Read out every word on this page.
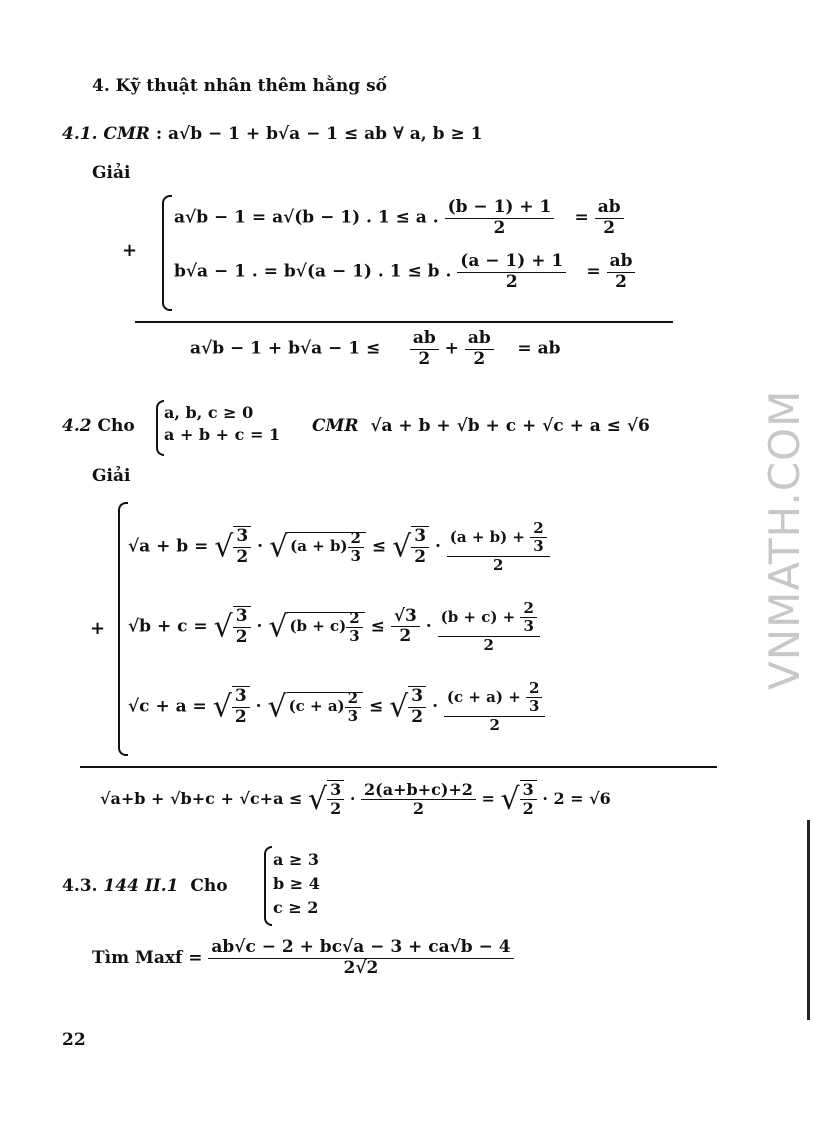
4. Kỹ thuật nhân thêm hằng số
4.1. CMR : a√b − 1 + b√a − 1 ≤ ab ∀ a, b ≥ 1
Giải
+
a√b − 1 = a√(b − 1) . 1 ≤ a . $\frac{(b - 1) + 1}{2} = \frac{ab}{2}$
b√a − 1 . = b√(a − 1) . 1 ≤ b . $\frac{(a - 1) + 1}{2} = \frac{ab}{2}$
$a√b - 1 + b√a - 1 \le \frac{ab}{2} + \frac{ab}{2}$ = ab
4.2 Cho
a, b, c ≥ 0
a + b + c = 1 CMR √a + b + √b + c + √c + a ≤ √6
Giải
+
√a + b = √ $\frac{3}{2}$ · √ $(a + b) \frac{2}{3}$ ≤ √ $\frac{3}{2} \cdot \frac{(a + b) + \frac{2}{3}}{2}$
√b + c = √ $\frac{3}{2}$ · √ $(b + c) \frac{2}{3} \le \frac{√3}{2} \cdot \frac{(b + c) + \frac{2}{3}}{2}$
√c + a = √ $\frac{3}{2}$ · √ $(c + a) \frac{2}{3}$ ≤ √ $\frac{3}{2} \cdot \frac{(c + a) + \frac{2}{3}}{2}$
√a+b + √b+c + √c+a ≤ √ $\frac{3}{2} \cdot \frac{2(a+b+c)+2}{2}$ = √ $\frac{3}{2} \cdot 2 = √6$
4.3. 144 II.1 Cho
a ≥ 3
b ≥ 4
c ≥ 2
Tìm Maxf = $\frac{ab√c - 2 + bc√a - 3 + ca√b - 4}{2√2}$
22
VNMATH.COM
